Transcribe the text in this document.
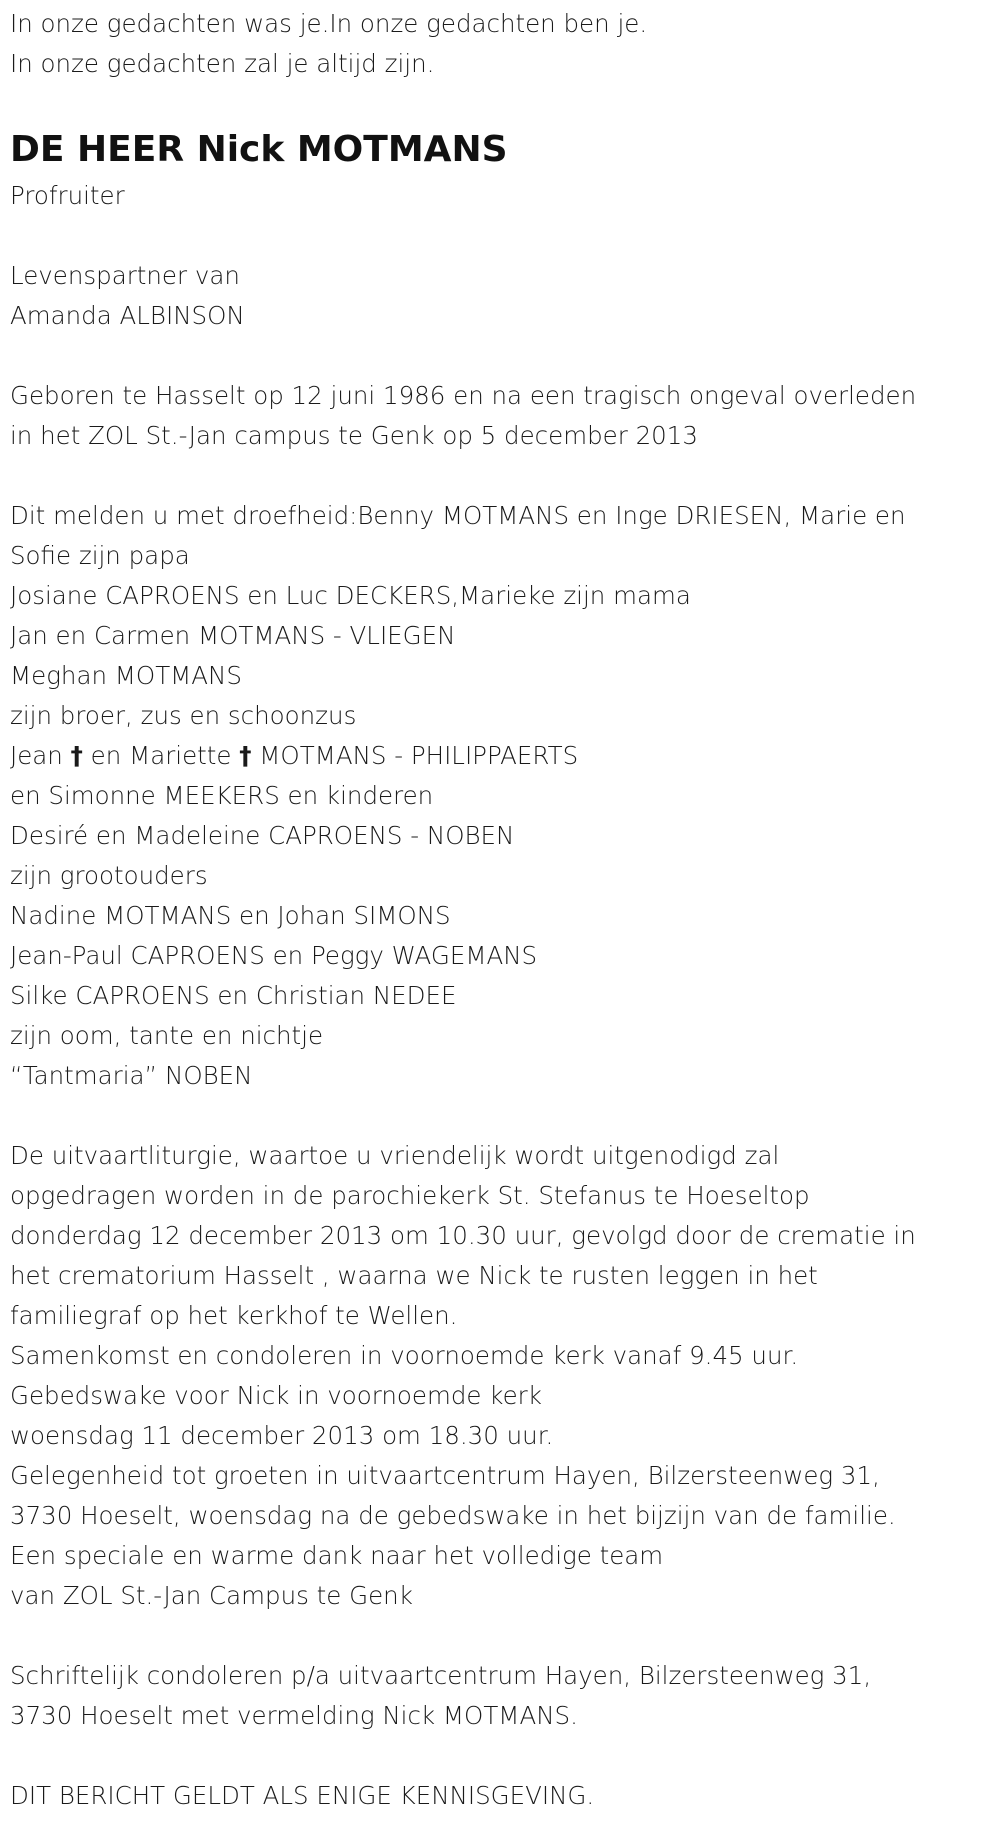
In onze gedachten was je.In onze gedachten ben je.
In onze gedachten zal je altijd zijn.
DE HEER Nick MOTMANS
Profruiter
Levenspartner van
Amanda ALBINSON
Geboren te Hasselt op 12 juni 1986 en na een tragisch ongeval overleden
in het ZOL St.-Jan campus te Genk op 5 december 2013
Dit melden u met droefheid:Benny MOTMANS en Inge DRIESEN, Marie en
Sofie zijn papa
Josiane CAPROENS en Luc DECKERS,Marieke zijn mama
Jan en Carmen MOTMANS - VLIEGEN
Meghan MOTMANS
zijn broer, zus en schoonzus
Jean † en Mariette † MOTMANS - PHILIPPAERTS
en Simonne MEEKERS en kinderen
Desiré en Madeleine CAPROENS - NOBEN
zijn grootouders
Nadine MOTMANS en Johan SIMONS
Jean-Paul CAPROENS en Peggy WAGEMANS
Silke CAPROENS en Christian NEDEE
zijn oom, tante en nichtje
“Tantmaria” NOBEN
De uitvaartliturgie, waartoe u vriendelijk wordt uitgenodigd zal
opgedragen worden in de parochiekerk St. Stefanus te Hoeseltop
donderdag 12 december 2013 om 10.30 uur, gevolgd door de crematie in
het crematorium Hasselt , waarna we Nick te rusten leggen in het
familiegraf op het kerkhof te Wellen.
Samenkomst en condoleren in voornoemde kerk vanaf 9.45 uur.
Gebedswake voor Nick in voornoemde kerk
woensdag 11 december 2013 om 18.30 uur.
Gelegenheid tot groeten in uitvaartcentrum Hayen, Bilzersteenweg 31,
3730 Hoeselt, woensdag na de gebedswake in het bijzijn van de familie.
Een speciale en warme dank naar het volledige team
van ZOL St.-Jan Campus te Genk
Schriftelijk condoleren p/a uitvaartcentrum Hayen, Bilzersteenweg 31,
3730 Hoeselt met vermelding Nick MOTMANS.
DIT BERICHT GELDT ALS ENIGE KENNISGEVING.
